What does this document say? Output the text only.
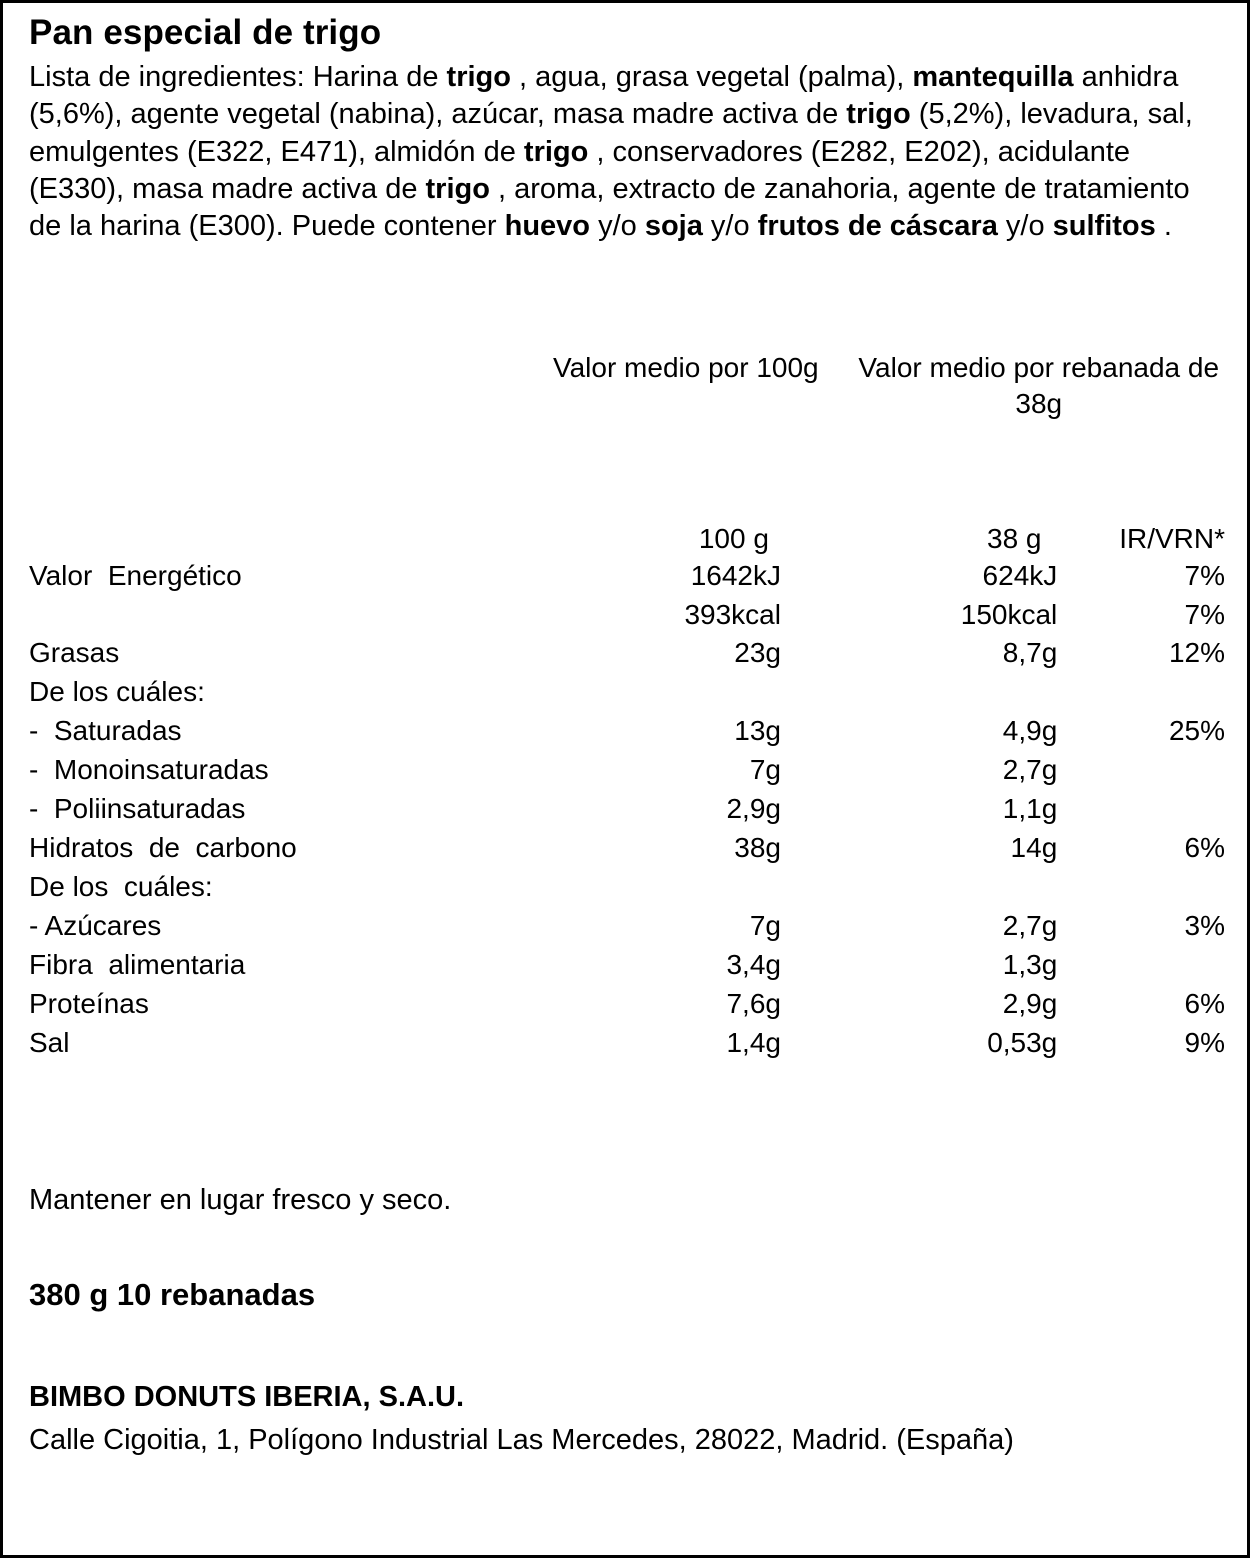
Pan especial de trigo

Lista de ingredientes: Harina de trigo , agua, grasa vegetal (palma), mantequilla anhidra (5,6%), agente vegetal (nabina), azúcar, masa madre activa de trigo (5,2%), levadura, sal, emulgentes (E322, E471), almidón de trigo , conservadores (E282, E202), acidulante (E330), masa madre activa de trigo , aroma, extracto de zanahoria, agente de tratamiento de la harina (E300). Puede contener huevo y/o soja y/o frutos de cáscara y/o sulfitos .

Valor medio por 100g	Valor medio por rebanada de 38g
100 g	38 g	IR/VRN*
Valor  Energético	1642kJ	624kJ	7%
	393kcal	150kcal	7%
Grasas	23g	8,7g	12%
De los cuáles:			
-  Saturadas	13g	4,9g	25%
-  Monoinsaturadas	7g	2,7g	
-  Poliinsaturadas	2,9g	1,1g	
Hidratos  de  carbono	38g	14g	6%
De los  cuáles:			
- Azúcares	7g	2,7g	3%
Fibra  alimentaria	3,4g	1,3g	
Proteínas	7,6g	2,9g	6%
Sal	1,4g	0,53g	9%

Mantener en lugar fresco y seco.

380 g 10 rebanadas

BIMBO DONUTS IBERIA, S.A.U.

Calle Cigoitia, 1, Polígono Industrial Las Mercedes, 28022, Madrid. (España)
